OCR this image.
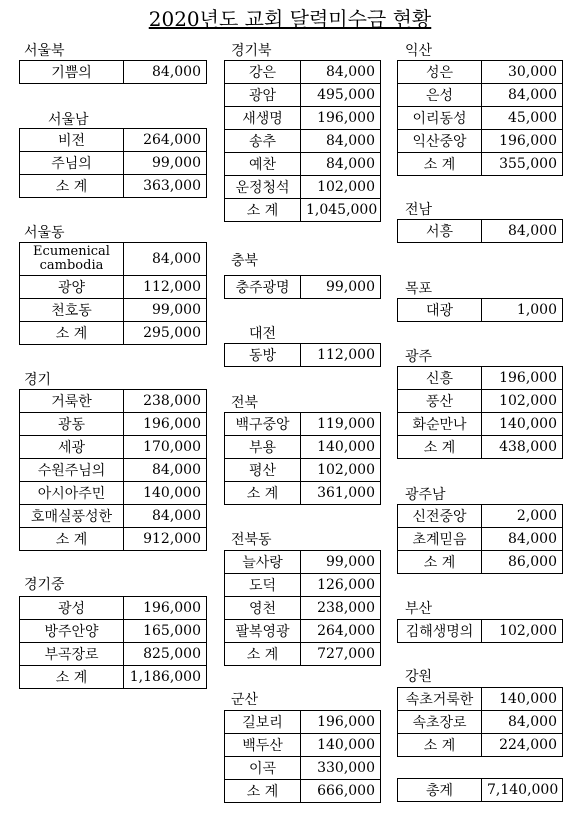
2020년도 교회 달력미수금 현황
서울북
기쁨의	84,000
서울남
비전	264,000
주님의	99,000
소 계	363,000
서울동
Ecumenical cambodia	84,000
광양	112,000
천호동	99,000
소 계	295,000
경기
거룩한	238,000
광동	196,000
세광	170,000
수원주님의	84,000
아시아주민	140,000
호매실풍성한	84,000
소 계	912,000
경기중
광성	196,000
방주안양	165,000
부곡장로	825,000
소 계	1,186,000
경기북
강은	84,000
광암	495,000
새생명	196,000
송추	84,000
예찬	84,000
운정청석	102,000
소 계	1,045,000
충북
충주광명	99,000
대전
동방	112,000
전북
백구중앙	119,000
부용	140,000
평산	102,000
소 계	361,000
전북동
늘사랑	99,000
도덕	126,000
영천	238,000
팔복영광	264,000
소 계	727,000
군산
길보리	196,000
백두산	140,000
이곡	330,000
소 계	666,000
익산
성은	30,000
은성	84,000
이리동성	45,000
익산중앙	196,000
소 계	355,000
전남
서흥	84,000
목포
대광	1,000
광주
신흥	196,000
풍산	102,000
화순만나	140,000
소 계	438,000
광주남
신전중앙	2,000
초계믿음	84,000
소 계	86,000
부산
김해생명의	102,000
강원
속초거룩한	140,000
속초장로	84,000
소 계	224,000
총계	7,140,000
